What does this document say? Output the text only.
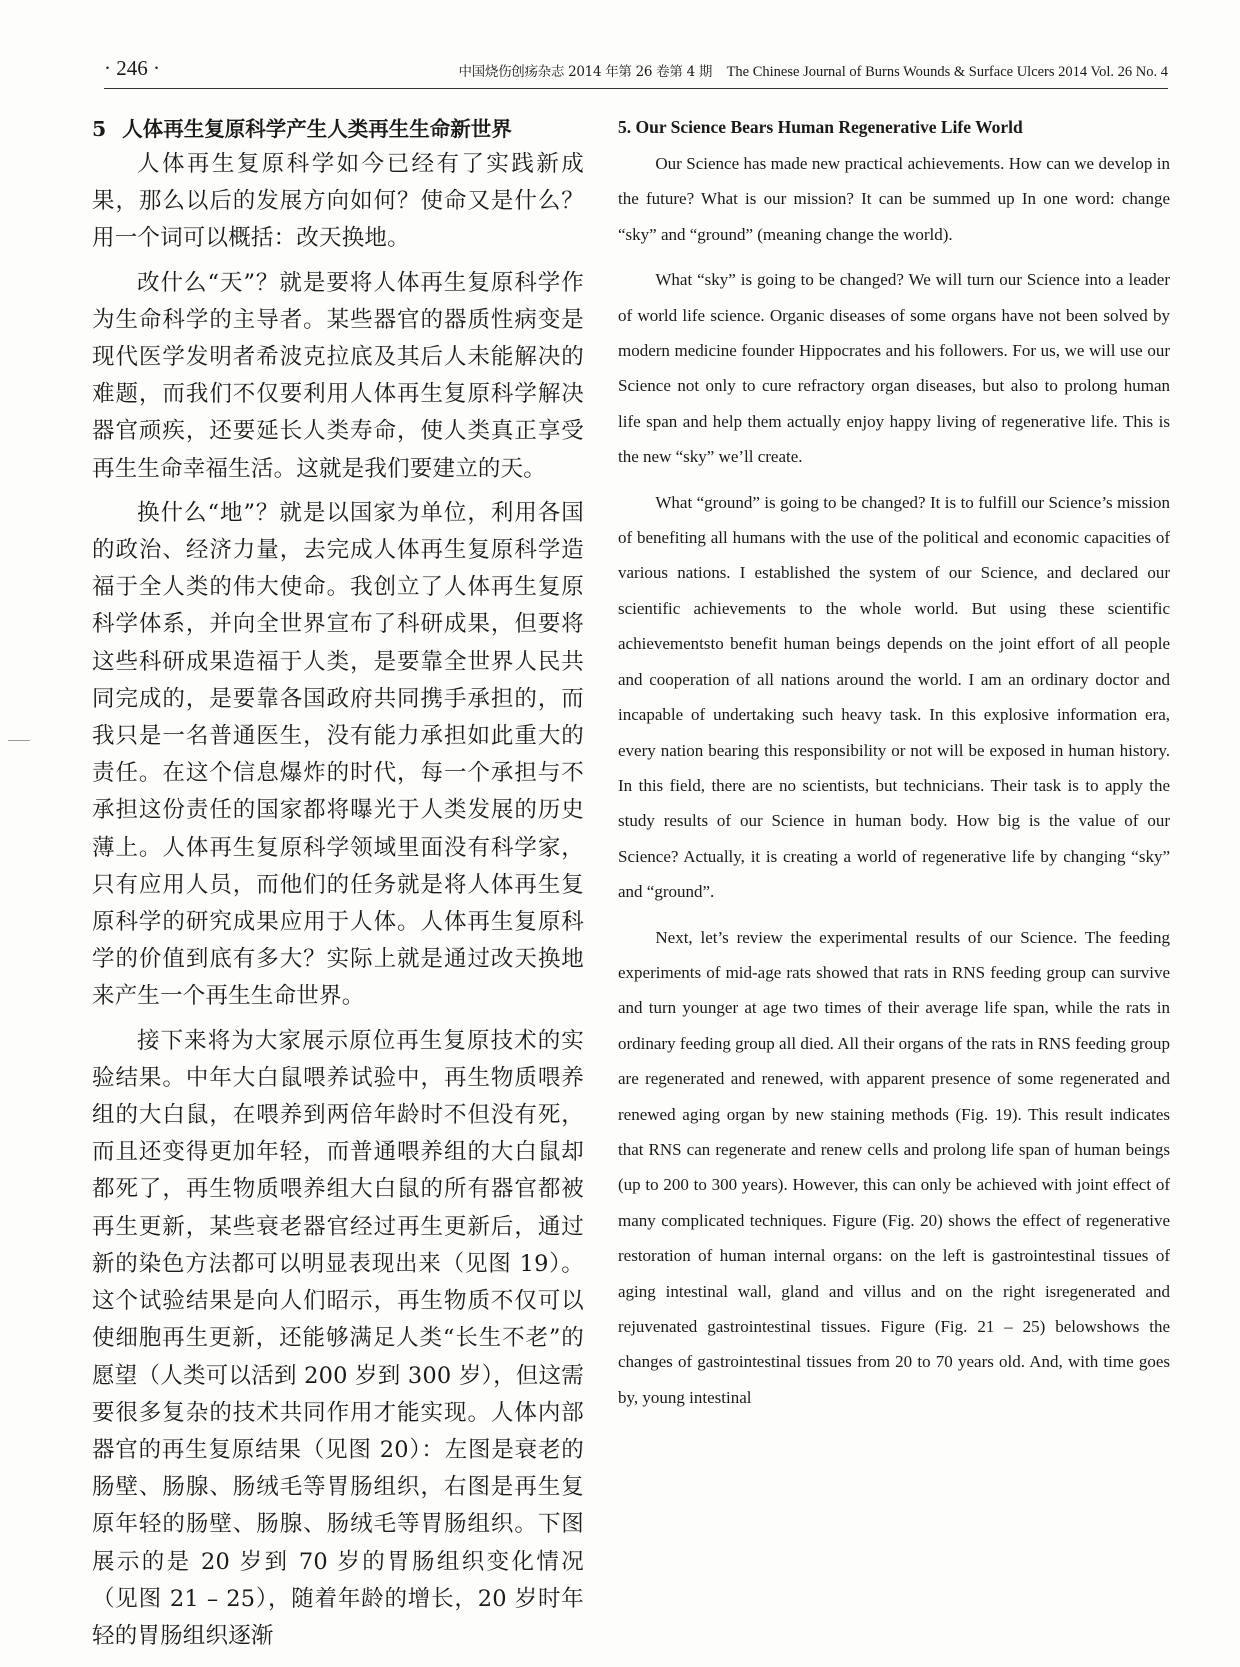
· 246 ·	中国烧伤创疡杂志 2014 年第 26 卷第 4 期 The Chinese Journal of Burns Wounds & Surface Ulcers 2014 Vol. 26 No. 4
5 人体再生复原科学产生人类再生生命新世界

人体再生复原科学如今已经有了实践新成果，那么以后的发展方向如何？使命又是什么？用一个词可以概括：改天换地。

改什么“天”？就是要将人体再生复原科学作为生命科学的主导者。某些器官的器质性病变是现代医学发明者希波克拉底及其后人未能解决的难题，而我们不仅要利用人体再生复原科学解决器官顽疾，还要延长人类寿命，使人类真正享受再生生命幸福生活。这就是我们要建立的天。

换什么“地”？就是以国家为单位，利用各国的政治、经济力量，去完成人体再生复原科学造福于全人类的伟大使命。我创立了人体再生复原科学体系，并向全世界宣布了科研成果，但要将这些科研成果造福于人类，是要靠全世界人民共同完成的，是要靠各国政府共同携手承担的，而我只是一名普通医生，没有能力承担如此重大的责任。在这个信息爆炸的时代，每一个承担与不承担这份责任的国家都将曝光于人类发展的历史薄上。人体再生复原科学领域里面没有科学家，只有应用人员，而他们的任务就是将人体再生复原科学的研究成果应用于人体。人体再生复原科学的价值到底有多大？实际上就是通过改天换地来产生一个再生生命世界。

接下来将为大家展示原位再生复原技术的实验结果。中年大白鼠喂养试验中，再生物质喂养组的大白鼠，在喂养到两倍年龄时不但没有死，而且还变得更加年轻，而普通喂养组的大白鼠却都死了，再生物质喂养组大白鼠的所有器官都被再生更新，某些衰老器官经过再生更新后，通过新的染色方法都可以明显表现出来（见图 19）。这个试验结果是向人们昭示，再生物质不仅可以使细胞再生更新，还能够满足人类“长生不老”的愿望（人类可以活到 200 岁到 300 岁），但这需要很多复杂的技术共同作用才能实现。人体内部器官的再生复原结果（见图 20）：左图是衰老的肠壁、肠腺、肠绒毛等胃肠组织，右图是再生复原年轻的肠壁、肠腺、肠绒毛等胃肠组织。下图展示的是 20 岁到 70 岁的胃肠组织变化情况（见图 21 – 25），随着年龄的增长，20 岁时年轻的胃肠组织逐渐

5. Our Science Bears Human Regenerative Life World

Our Science has made new practical achievements. How can we develop in the future? What is our mission? It can be summed up In one word: change “sky” and “ground” (meaning change the world).

What “sky” is going to be changed? We will turn our Science into a leader of world life science. Organic diseases of some organs have not been solved by modern medicine founder Hippocrates and his followers. For us, we will use our Science not only to cure refractory organ diseases, but also to prolong human life span and help them actually enjoy happy living of regenerative life. This is the new “sky” we’ll create.

What “ground” is going to be changed? It is to fulfill our Science’s mission of benefiting all humans with the use of the political and economic capacities of various nations. I established the system of our Science, and declared our scientific achievements to the whole world. But using these scientific achievementsto benefit human beings depends on the joint effort of all people and cooperation of all nations around the world. I am an ordinary doctor and incapable of undertaking such heavy task. In this explosive information era, every nation bearing this responsibility or not will be exposed in human history. In this field, there are no scientists, but technicians. Their task is to apply the study results of our Science in human body. How big is the value of our Science? Actually, it is creating a world of regenerative life by changing “sky” and “ground”.

Next, let’s review the experimental results of our Science. The feeding experiments of mid-age rats showed that rats in RNS feeding group can survive and turn younger at age two times of their average life span, while the rats in ordinary feeding group all died. All their organs of the rats in RNS feeding group are regenerated and renewed, with apparent presence of some regenerated and renewed aging organ by new staining methods (Fig. 19). This result indicates that RNS can regenerate and renew cells and prolong life span of human beings (up to 200 to 300 years). However, this can only be achieved with joint effect of many complicated techniques. Figure (Fig. 20) shows the effect of regenerative restoration of human internal organs: on the left is gastrointestinal tissues of aging intestinal wall, gland and villus and on the right isregenerated and rejuvenated gastrointestinal tissues. Figure (Fig. 21 – 25) belowshows the changes of gastrointestinal tissues from 20 to 70 years old. And, with time goes by, young intestinal
